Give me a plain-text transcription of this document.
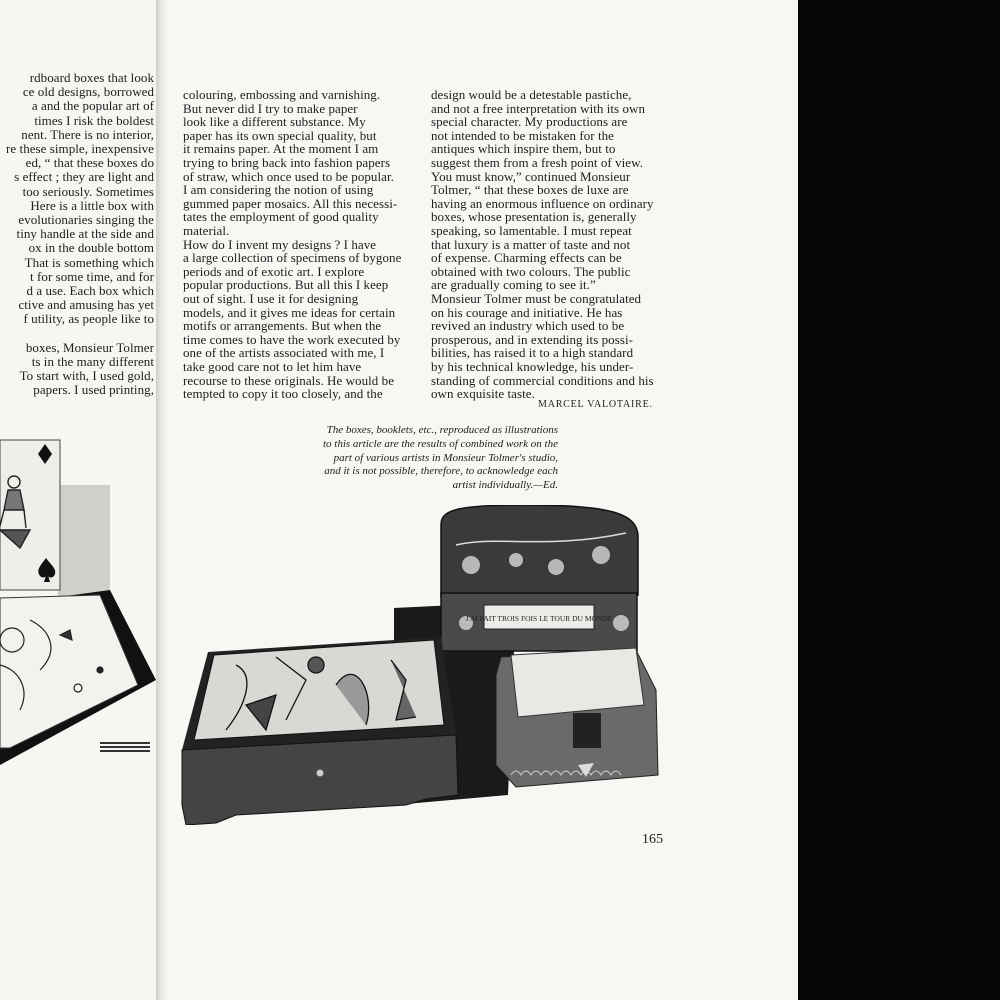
rdboard boxes that look
ce old designs, borrowed
a and the popular art of
times I risk the boldest
nent. There is no interior,
re these simple, inexpensive
ed, “ that these boxes do
s effect ; they are light and
too seriously. Sometimes
Here is a little box with
evolutionaries singing the
tiny handle at the side and
ox in the double bottom
That is something which
t for some time, and for
d a use. Each box which
ctive and amusing has yet
f utility, as people like to
boxes, Monsieur Tolmer
ts in the many different
To start with, I used gold,
papers. I used printing,
colouring, embossing and varnishing.
But never did I try to make paper
look like a different substance. My
paper has its own special quality, but
it remains paper. At the moment I am
trying to bring back into fashion papers
of straw, which once used to be popular.
I am considering the notion of using
gummed paper mosaics. All this necessi-
tates the employment of good quality
material.
How do I invent my designs ? I have
a large collection of specimens of bygone
periods and of exotic art. I explore
popular productions. But all this I keep
out of sight. I use it for designing
models, and it gives me ideas for certain
motifs or arrangements. But when the
time comes to have the work executed by
one of the artists associated with me, I
take good care not to let him have
recourse to these originals. He would be
tempted to copy it too closely, and the
design would be a detestable pastiche,
and not a free interpretation with its own
special character. My productions are
not intended to be mistaken for the
antiques which inspire them, but to
suggest them from a fresh point of view.
You must know,” continued Monsieur
Tolmer, “ that these boxes de luxe are
having an enormous influence on ordinary
boxes, whose presentation is, generally
speaking, so lamentable. I must repeat
that luxury is a matter of taste and not
of expense. Charming effects can be
obtained with two colours. The public
are gradually coming to see it.”
Monsieur Tolmer must be congratulated
on his courage and initiative. He has
revived an industry which used to be
prosperous, and in extending its possi-
bilities, has raised it to a high standard
by his technical knowledge, his under-
standing of commercial conditions and his
own exquisite taste.
MARCEL VALOTAIRE.
The boxes, booklets, etc., reproduced as illustrations
to this article are the results of combined work on the
part of various artists in Monsieur Tolmer's studio,
and it is not possible, therefore, to acknowledge each
artist individually.—Ed.
J'AI FAIT TROIS FOIS LE TOUR DU MONDE
165
